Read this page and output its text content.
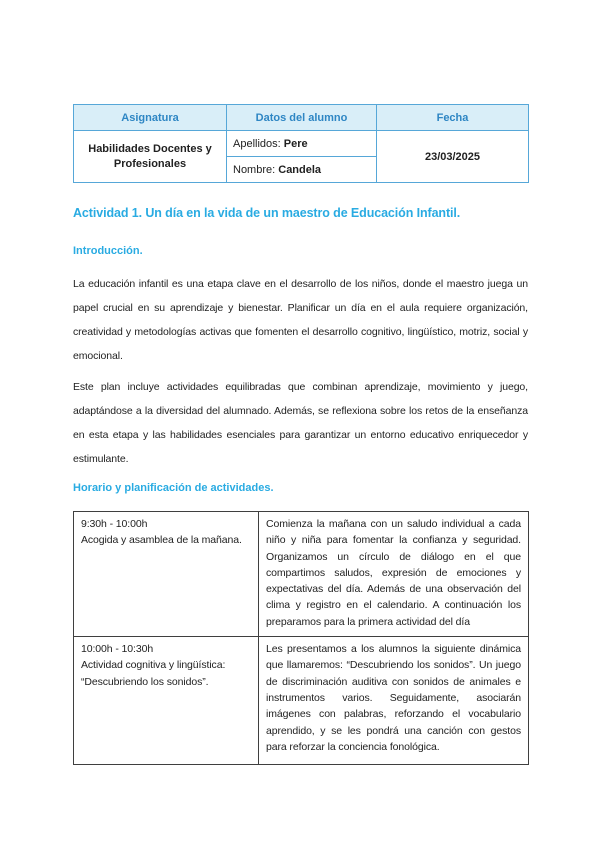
Asignatura	Datos del alumno	Fecha
Habilidades Docentes y Profesionales	Apellidos: Pere	23/03/2025
	Nombre: Candela	
Actividad 1. Un día en la vida de un maestro de Educación Infantil.
Introducción.

La educación infantil es una etapa clave en el desarrollo de los niños, donde el maestro juega un papel crucial en su aprendizaje y bienestar. Planificar un día en el aula requiere organización, creatividad y metodologías activas que fomenten el desarrollo cognitivo, lingüístico, motriz, social y emocional.

Este plan incluye actividades equilibradas que combinan aprendizaje, movimiento y juego, adaptándose a la diversidad del alumnado. Además, se reflexiona sobre los retos de la enseñanza en esta etapa y las habilidades esenciales para garantizar un entorno educativo enriquecedor y estimulante.

Horario y planificación de actividades.
9:30h - 10:00h
Acogida y asamblea de la mañana.	Comienza la mañana con un saludo individual a cada niño y niña para fomentar la confianza y seguridad. Organizamos un círculo de diálogo en el que compartimos saludos, expresión de emociones y expectativas del día. Además de una observación del clima y registro en el calendario. A continuación los preparamos para la primera actividad del día

10:00h - 10:30h
Actividad cognitiva y lingüística: “Descubriendo los sonidos”.	Les presentamos a los alumnos la siguiente dinámica que llamaremos: “Descubriendo los sonidos”. Un juego de discriminación auditiva con sonidos de animales e instrumentos varios. Seguidamente, asociarán imágenes con palabras, reforzando el vocabulario aprendido, y se les pondrá una canción con gestos para reforzar la conciencia fonológica.
